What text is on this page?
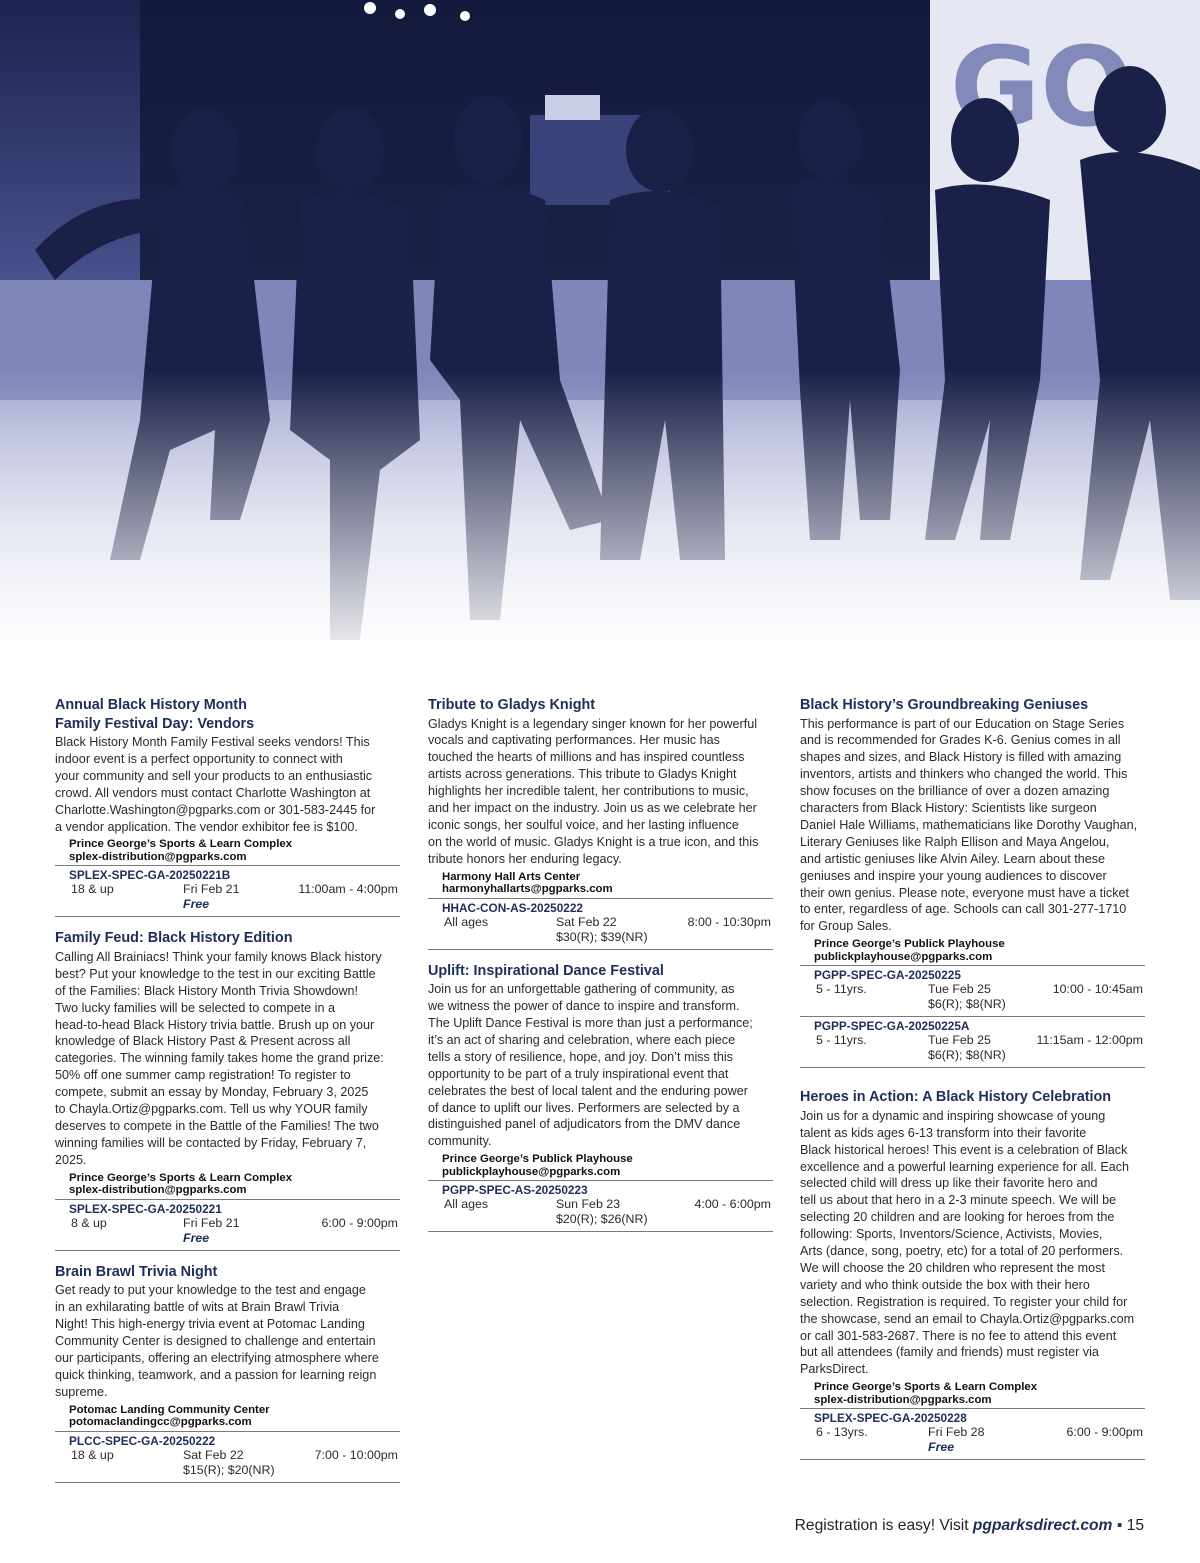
Annual Black History Month
Family Festival Day: Vendors

Black History Month Family Festival seeks vendors! This
indoor event is a perfect opportunity to connect with
your community and sell your products to an enthusiastic
crowd. All vendors must contact Charlotte Washington at
Charlotte.Washington@pgparks.com or 301-583-2445 for
a vendor application. The vendor exhibitor fee is $100.

Prince George’s Sports & Learn Complex
splex-distribution@pgparks.com
SPLEX-SPEC-GA-20250221B
18 & up	Fri Feb 21	11:00am - 4:00pm
Free
Family Feud: Black History Edition

Calling All Brainiacs! Think your family knows Black history
best? Put your knowledge to the test in our exciting Battle
of the Families: Black History Month Trivia Showdown!
Two lucky families will be selected to compete in a
head-to-head Black History trivia battle. Brush up on your
knowledge of Black History Past & Present across all
categories. The winning family takes home the grand prize:
50% off one summer camp registration! To register to
compete, submit an essay by Monday, February 3, 2025
to Chayla.Ortiz@pgparks.com. Tell us why YOUR family
deserves to compete in the Battle of the Families! The two
winning families will be contacted by Friday, February 7,
2025.

Prince George’s Sports & Learn Complex
splex-distribution@pgparks.com
SPLEX-SPEC-GA-20250221
8 & up	Fri Feb 21	6:00 - 9:00pm
Free
Brain Brawl Trivia Night

Get ready to put your knowledge to the test and engage
in an exhilarating battle of wits at Brain Brawl Trivia
Night! This high-energy trivia event at Potomac Landing
Community Center is designed to challenge and entertain
our participants, offering an electrifying atmosphere where
quick thinking, teamwork, and a passion for learning reign
supreme.

Potomac Landing Community Center
potomaclandingcc@pgparks.com
PLCC-SPEC-GA-20250222
18 & up	Sat Feb 22	7:00 - 10:00pm
$15(R); $20(NR)
Tribute to Gladys Knight

Gladys Knight is a legendary singer known for her powerful
vocals and captivating performances. Her music has
touched the hearts of millions and has inspired countless
artists across generations. This tribute to Gladys Knight
highlights her incredible talent, her contributions to music,
and her impact on the industry. Join us as we celebrate her
iconic songs, her soulful voice, and her lasting influence
on the world of music. Gladys Knight is a true icon, and this
tribute honors her enduring legacy.

Harmony Hall Arts Center
harmonyhallarts@pgparks.com
HHAC-CON-AS-20250222
All ages	Sat Feb 22	8:00 - 10:30pm
$30(R); $39(NR)
Uplift: Inspirational Dance Festival

Join us for an unforgettable gathering of community, as
we witness the power of dance to inspire and transform.
The Uplift Dance Festival is more than just a performance;
it’s an act of sharing and celebration, where each piece
tells a story of resilience, hope, and joy. Don’t miss this
opportunity to be part of a truly inspirational event that
celebrates the best of local talent and the enduring power
of dance to uplift our lives. Performers are selected by a
distinguished panel of adjudicators from the DMV dance
community.

Prince George’s Publick Playhouse
publickplayhouse@pgparks.com
PGPP-SPEC-AS-20250223
All ages	Sun Feb 23	4:00 - 6:00pm
$20(R); $26(NR)
Black History’s Groundbreaking Geniuses

This performance is part of our Education on Stage Series
and is recommended for Grades K-6. Genius comes in all
shapes and sizes, and Black History is filled with amazing
inventors, artists and thinkers who changed the world. This
show focuses on the brilliance of over a dozen amazing
characters from Black History: Scientists like surgeon
Daniel Hale Williams, mathematicians like Dorothy Vaughan,
Literary Geniuses like Ralph Ellison and Maya Angelou,
and artistic geniuses like Alvin Ailey. Learn about these
geniuses and inspire your young audiences to discover
their own genius. Please note, everyone must have a ticket
to enter, regardless of age. Schools can call 301-277-1710
for Group Sales.

Prince George’s Publick Playhouse
publickplayhouse@pgparks.com
PGPP-SPEC-GA-20250225
5 - 11yrs.	Tue Feb 25	10:00 - 10:45am
$6(R); $8(NR)
PGPP-SPEC-GA-20250225A
5 - 11yrs.	Tue Feb 25	11:15am - 12:00pm
$6(R); $8(NR)
Heroes in Action: A Black History Celebration

Join us for a dynamic and inspiring showcase of young
talent as kids ages 6-13 transform into their favorite
Black historical heroes! This event is a celebration of Black
excellence and a powerful learning experience for all. Each
selected child will dress up like their favorite hero and
tell us about that hero in a 2-3 minute speech. We will be
selecting 20 children and are looking for heroes from the
following: Sports, Inventors/Science, Activists, Movies,
Arts (dance, song, poetry, etc) for a total of 20 performers.
We will choose the 20 children who represent the most
variety and who think outside the box with their hero
selection. Registration is required. To register your child for
the showcase, send an email to Chayla.Ortiz@pgparks.com
or call 301-583-2687. There is no fee to attend this event
but all attendees (family and friends) must register via
ParksDirect.

Prince George’s Sports & Learn Complex
splex-distribution@pgparks.com
SPLEX-SPEC-GA-20250228
6 - 13yrs.	Fri Feb 28	6:00 - 9:00pm
Free
Registration is easy! Visit pgparksdirect.com ▪ 15
